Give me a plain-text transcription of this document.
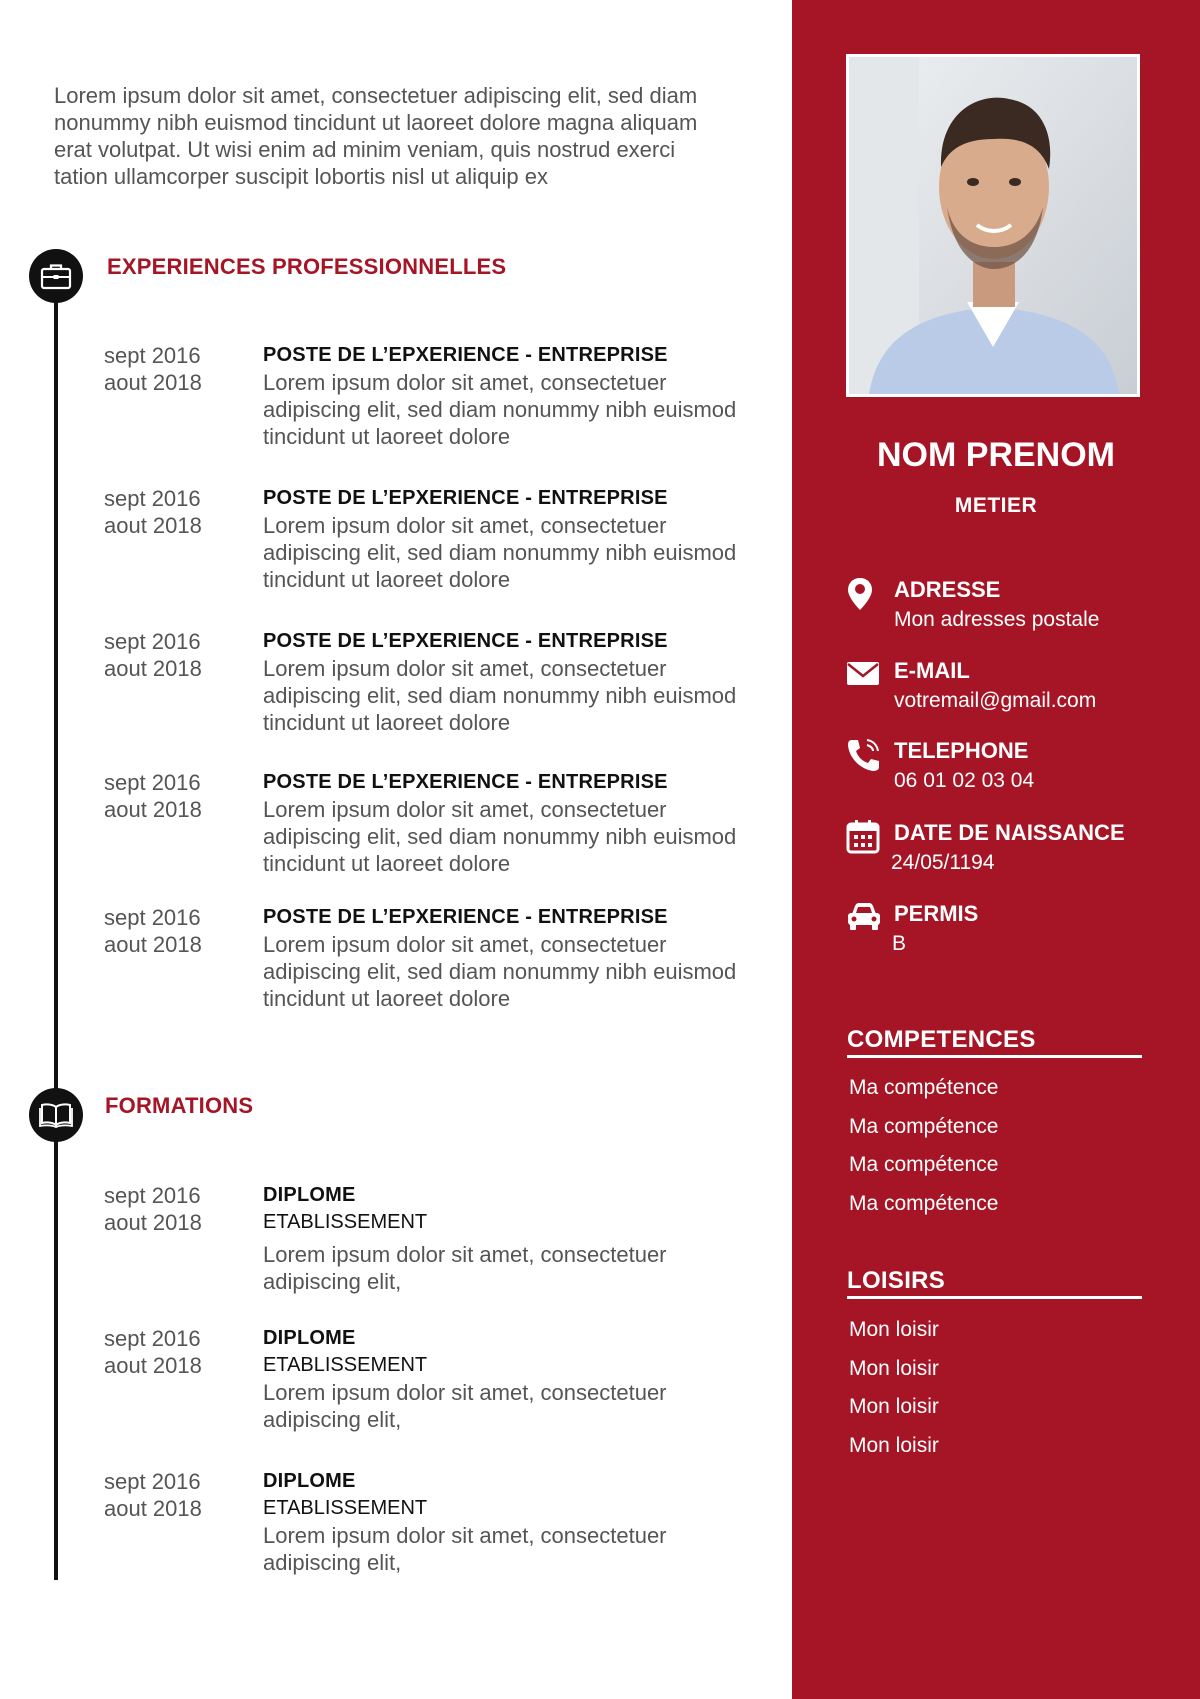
Lorem ipsum dolor sit amet, consectetuer adipiscing elit, sed diam nonummy nibh euismod tincidunt ut laoreet dolore magna aliquam erat volutpat. Ut wisi enim ad minim veniam, quis nostrud exerci tation ullamcorper suscipit lobortis nisl ut aliquip ex
EXPERIENCES PROFESSIONNELLES
sept 2016
aout 2018
POSTE DE L’EPXERIENCE - ENTREPRISE
Lorem ipsum dolor sit amet, consectetuer adipiscing elit, sed diam nonummy nibh euismod tincidunt ut laoreet dolore
sept 2016
aout 2018
POSTE DE L’EPXERIENCE - ENTREPRISE
Lorem ipsum dolor sit amet, consectetuer adipiscing elit, sed diam nonummy nibh euismod tincidunt ut laoreet dolore
sept 2016
aout 2018
POSTE DE L’EPXERIENCE - ENTREPRISE
Lorem ipsum dolor sit amet, consectetuer adipiscing elit, sed diam nonummy nibh euismod tincidunt ut laoreet dolore
sept 2016
aout 2018
POSTE DE L’EPXERIENCE - ENTREPRISE
Lorem ipsum dolor sit amet, consectetuer adipiscing elit, sed diam nonummy nibh euismod tincidunt ut laoreet dolore
sept 2016
aout 2018
POSTE DE L’EPXERIENCE - ENTREPRISE
Lorem ipsum dolor sit amet, consectetuer adipiscing elit, sed diam nonummy nibh euismod tincidunt ut laoreet dolore
FORMATIONS
sept 2016
aout 2018
DIPLOME
ETABLISSEMENT
Lorem ipsum dolor sit amet, consectetuer adipiscing elit,
sept 2016
aout 2018
DIPLOME
ETABLISSEMENT
Lorem ipsum dolor sit amet, consectetuer adipiscing elit,
sept 2016
aout 2018
DIPLOME
ETABLISSEMENT
Lorem ipsum dolor sit amet, consectetuer adipiscing elit,
NOM PRENOM
METIER
ADRESSE
Mon adresses postale
E-MAIL
votremail@gmail.com
TELEPHONE
06 01 02 03 04
DATE DE NAISSANCE
24/05/1194
PERMIS
B
COMPETENCES
Ma compétence
Ma compétence
Ma compétence
Ma compétence
LOISIRS
Mon loisir
Mon loisir
Mon loisir
Mon loisir
